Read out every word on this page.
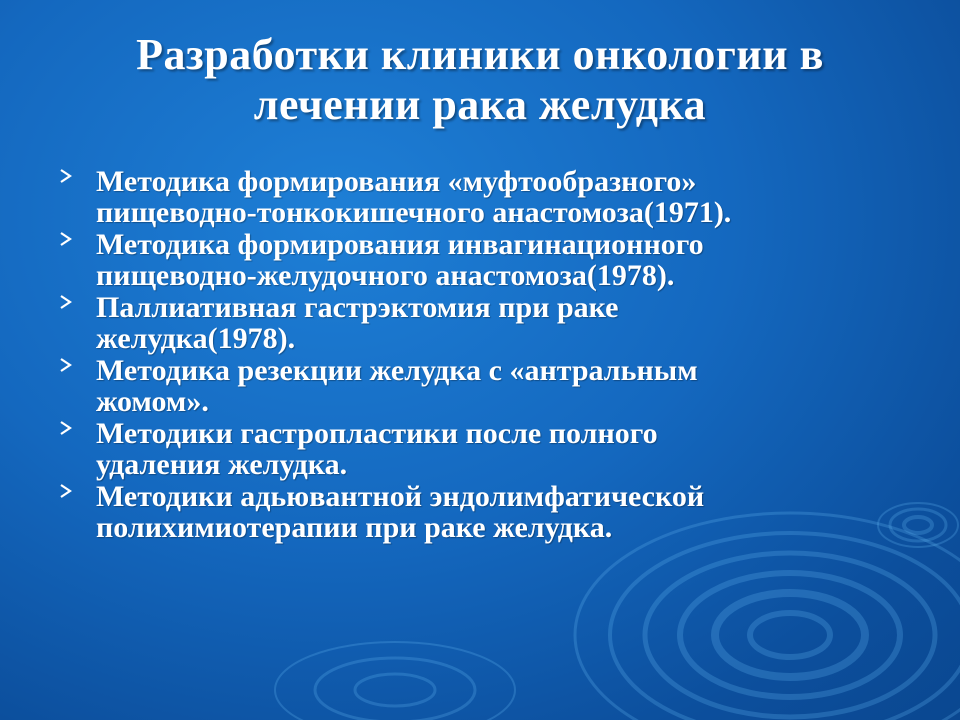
Разработки клиники онкологии в
лечении рака желудка
Методика формирования «муфтообразного»
пищеводно-тонкокишечного анастомоза(1971).
Методика формирования инвагинационного
пищеводно-желудочного анастомоза(1978).
Паллиативная гастрэктомия при раке
желудка(1978).
Методика резекции желудка с «антральным
жомом».
Методики гастропластики после полного
удаления желудка.
Методики адьювантной эндолимфатической
полихимиотерапии при раке желудка.
